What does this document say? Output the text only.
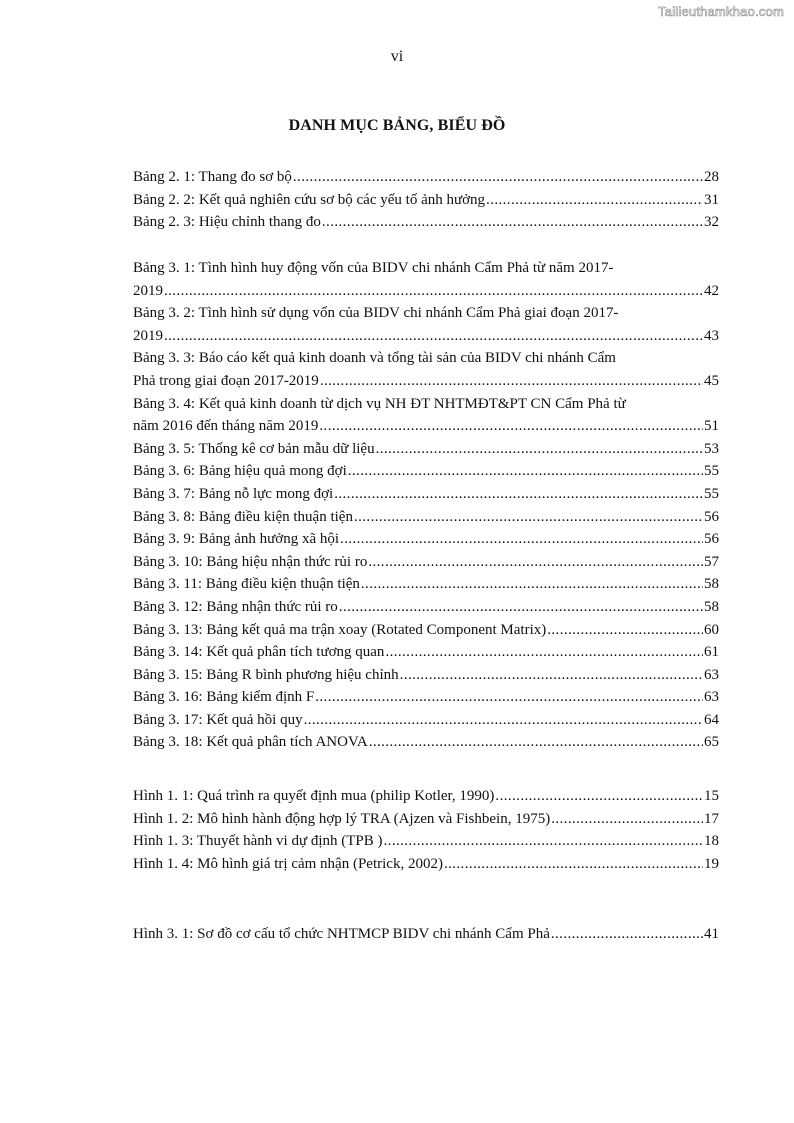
Tailieuthamkhao.com
vi
DANH MỤC BẢNG, BIỂU ĐỒ
Bảng 2. 1: Thang đo sơ bộ .....	28
Bảng 2. 2: Kết quả nghiên cứu sơ bộ các yếu tố ảnh hưởng .....	31
Bảng 2. 3: Hiệu chỉnh thang đo .....	32
Bảng 3. 1: Tình hình huy động vốn của BIDV chi nhánh Cẩm Phả từ năm 2017-
2019 .....	42
Bảng 3. 2: Tình hình sử dụng vốn của BIDV chi nhánh Cẩm Phả giai đoạn 2017-
2019 .....	43
Bảng 3. 3: Báo cáo kết quả kinh doanh và tổng tài sản của BIDV chi nhánh Cẩm
Phả trong giai đoạn 2017-2019 .....	45
Bảng 3. 4: Kết quả kinh doanh từ dịch vụ NH ĐT NHTMĐT&PT CN Cẩm Phả từ
năm 2016 đến tháng năm 2019 .....	51
Bảng 3. 5: Thống kê cơ bản mẫu dữ liệu .....	53
Bảng 3. 6: Bảng hiệu quả mong đợi .....	55
Bảng 3. 7: Bảng nỗ lực mong đợi .....	55
Bảng 3. 8: Bảng điều kiện thuận tiện .....	56
Bảng 3. 9: Bảng ảnh hưởng xã hội .....	56
Bảng 3. 10: Bảng hiệu nhận thức rủi ro .....	57
Bảng 3. 11: Bảng điều kiện thuận tiện .....	58
Bảng 3. 12: Bảng nhận thức rủi ro .....	58
Bảng 3. 13: Bảng kết quả ma trận xoay (Rotated Component Matrix) .....	60
Bảng 3. 14: Kết quả phân tích tương quan .....	61
Bảng 3. 15: Bảng R bình phương hiệu chỉnh .....	63
Bảng 3. 16: Bảng kiểm định F .....	63
Bảng 3. 17: Kết quả hồi quy .....	64
Bảng 3. 18: Kết quả phân tích ANOVA .....	65
Hình 1. 1: Quá trình ra quyết định mua (philip Kotler, 1990) .....	15
Hình 1. 2: Mô hình hành động hợp lý TRA (Ajzen và Fishbein, 1975) .....	17
Hình 1. 3: Thuyết hành vi dự định (TPB ) .....	18
Hình 1. 4: Mô hình giá trị cảm nhận (Petrick, 2002) .....	19
Hình 3. 1: Sơ đồ cơ cấu tổ chức NHTMCP BIDV chi nhánh Cẩm Phả .....	41
